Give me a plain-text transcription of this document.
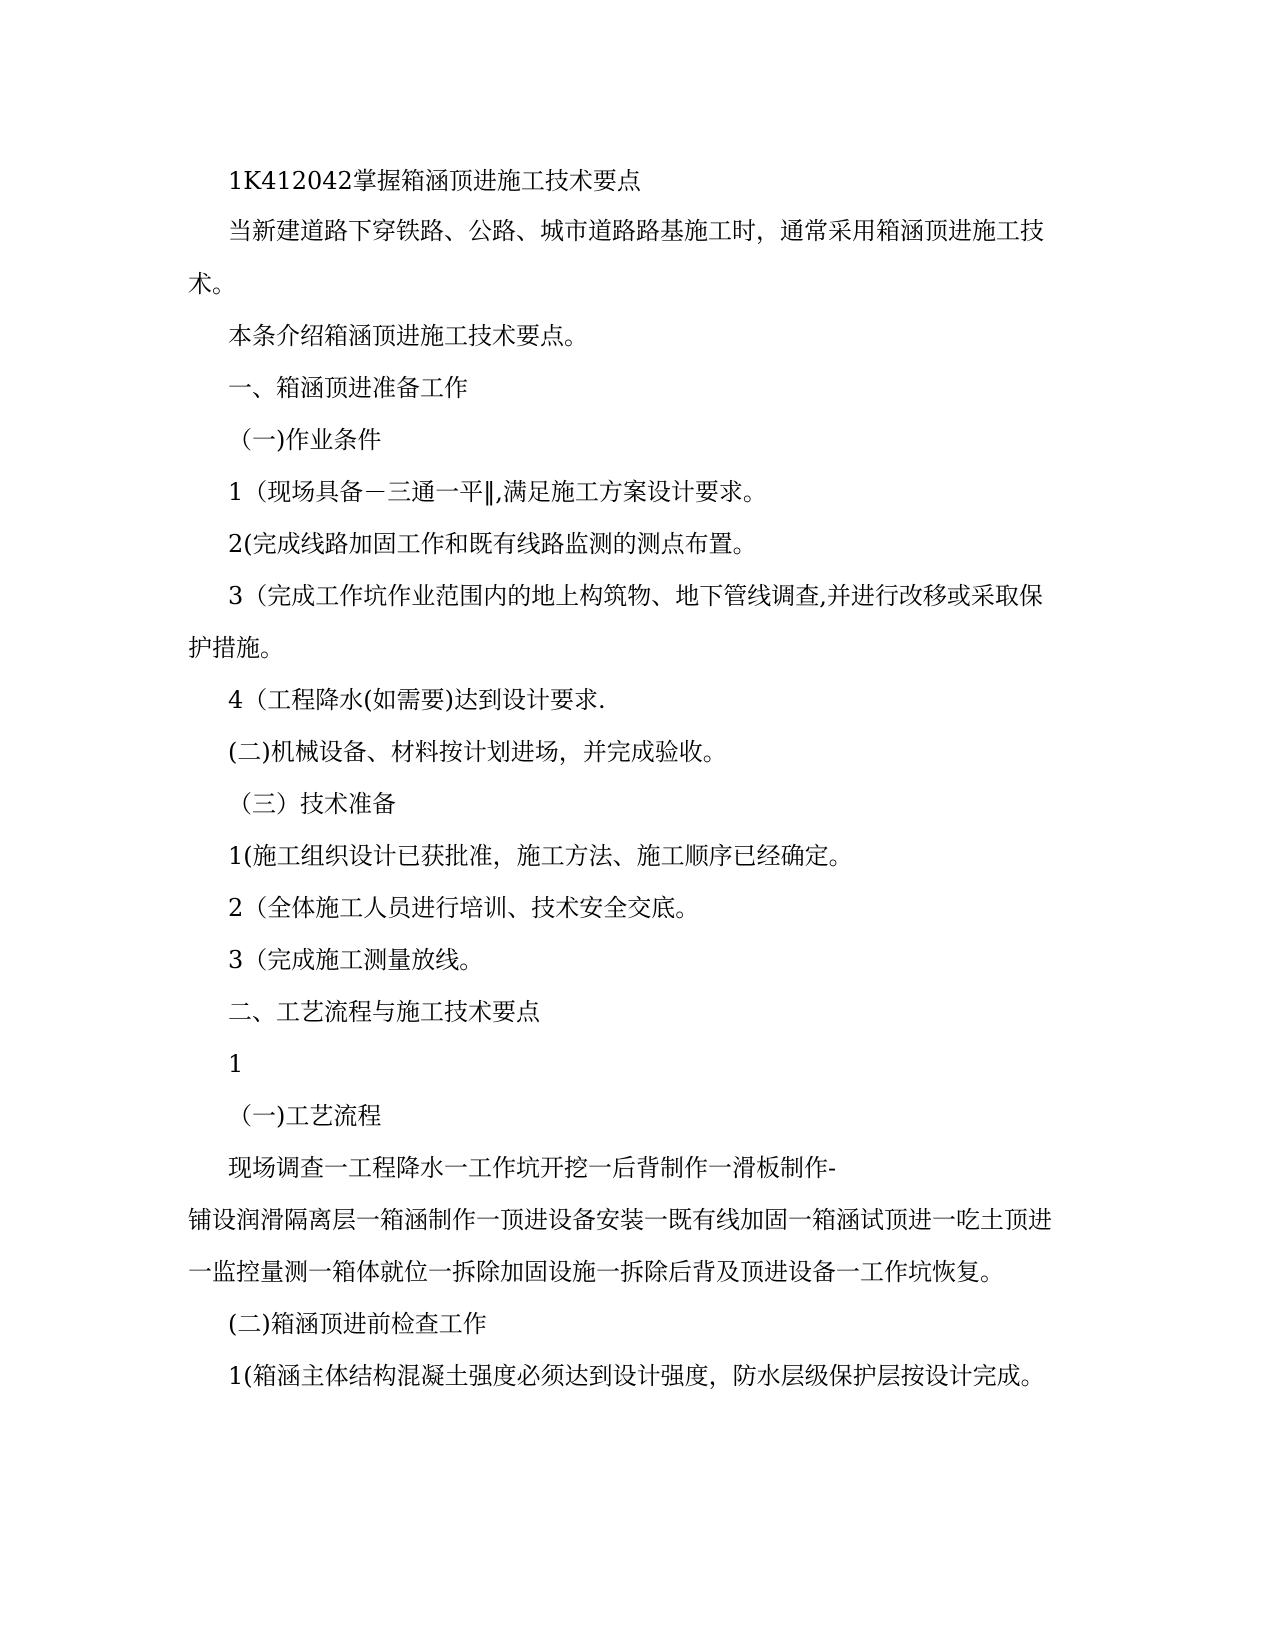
1K412042掌握箱涵顶进施工技术要点
当新建道路下穿铁路、公路、城市道路路基施工时，通常采用箱涵顶进施工技
术。
本条介绍箱涵顶进施工技术要点。
一、箱涵顶进准备工作
（一)作业条件
1（现场具备－三通一平‖,满足施工方案设计要求。
2(完成线路加固工作和既有线路监测的测点布置。
3（完成工作坑作业范围内的地上构筑物、地下管线调查,并进行改移或采取保
护措施。
4（工程降水(如需要)达到设计要求.
(二)机械设备、材料按计划进场，并完成验收。
（三）技术准备
1(施工组织设计已获批准，施工方法、施工顺序已经确定。
2（全体施工人员进行培训、技术安全交底。
3（完成施工测量放线。
二、工艺流程与施工技术要点
1
（一)工艺流程
现场调查一工程降水一工作坑开挖一后背制作一滑板制作-
铺设润滑隔离层一箱涵制作一顶进设备安装一既有线加固一箱涵试顶进一吃土顶进
一监控量测一箱体就位一拆除加固设施一拆除后背及顶进设备一工作坑恢复。
(二)箱涵顶进前检查工作
1(箱涵主体结构混凝土强度必须达到设计强度，防水层级保护层按设计完成。
